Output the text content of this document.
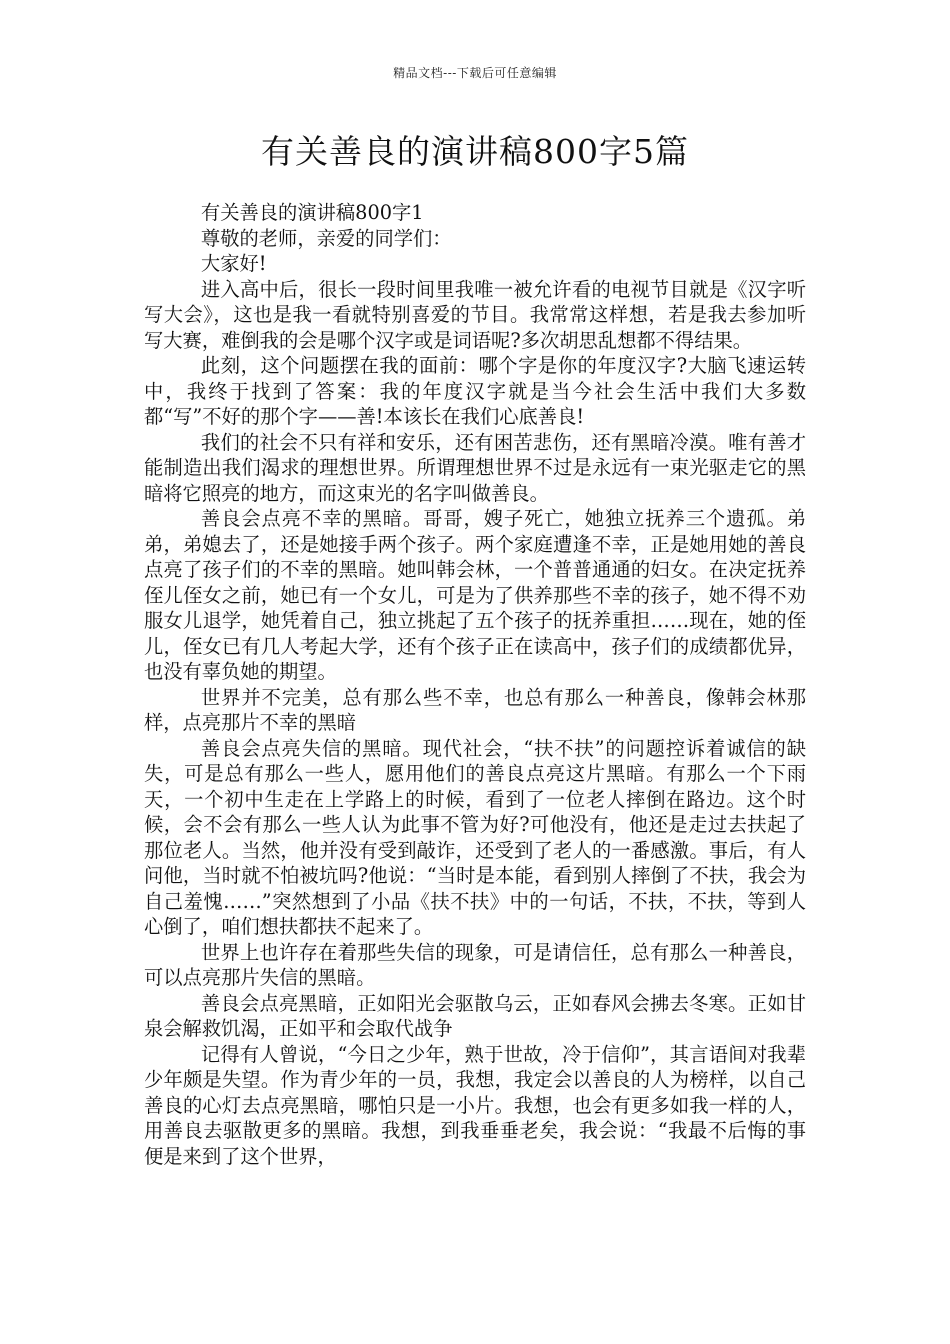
精品文档---下载后可任意编辑
有关善良的演讲稿800字5篇

有关善良的演讲稿800字1

尊敬的老师，亲爱的同学们：

大家好!

进入高中后，很长一段时间里我唯一被允许看的电视节目就是《汉字听写大会》，这也是我一看就特别喜爱的节目。我常常这样想，若是我去参加听写大赛，难倒我的会是哪个汉字或是词语呢?多次胡思乱想都不得结果。

此刻，这个问题摆在我的面前：哪个字是你的年度汉字?大脑飞速运转中，我终于找到了答案：我的年度汉字就是当今社会生活中我们大多数都“写”不好的那个字——善!本该长在我们心底善良!

我们的社会不只有祥和安乐，还有困苦悲伤，还有黑暗冷漠。唯有善才能制造出我们渴求的理想世界。所谓理想世界不过是永远有一束光驱走它的黑暗将它照亮的地方，而这束光的名字叫做善良。

善良会点亮不幸的黑暗。哥哥，嫂子死亡，她独立抚养三个遗孤。弟弟，弟媳去了，还是她接手两个孩子。两个家庭遭逢不幸，正是她用她的善良点亮了孩子们的不幸的黑暗。她叫韩会林，一个普普通通的妇女。在决定抚养侄儿侄女之前，她已有一个女儿，可是为了供养那些不幸的孩子，她不得不劝服女儿退学，她凭着自己，独立挑起了五个孩子的抚养重担……现在，她的侄儿，侄女已有几人考起大学，还有个孩子正在读高中，孩子们的成绩都优异，也没有辜负她的期望。

世界并不完美，总有那么些不幸，也总有那么一种善良，像韩会林那样，点亮那片不幸的黑暗

善良会点亮失信的黑暗。现代社会，“扶不扶”的问题控诉着诚信的缺失，可是总有那么一些人，愿用他们的善良点亮这片黑暗。有那么一个下雨天，一个初中生走在上学路上的时候，看到了一位老人摔倒在路边。这个时候，会不会有那么一些人认为此事不管为好?可他没有，他还是走过去扶起了那位老人。当然，他并没有受到敲诈，还受到了老人的一番感激。事后，有人问他，当时就不怕被坑吗?他说：“当时是本能，看到别人摔倒了不扶，我会为自己羞愧……”突然想到了小品《扶不扶》中的一句话，不扶，不扶，等到人心倒了，咱们想扶都扶不起来了。

世界上也许存在着那些失信的现象，可是请信任，总有那么一种善良，可以点亮那片失信的黑暗。

善良会点亮黑暗，正如阳光会驱散乌云，正如春风会拂去冬寒。正如甘泉会解救饥渴，正如平和会取代战争

记得有人曾说，“今日之少年，熟于世故，冷于信仰”，其言语间对我辈少年颇是失望。作为青少年的一员，我想，我定会以善良的人为榜样，以自己善良的心灯去点亮黑暗，哪怕只是一小片。我想，也会有更多如我一样的人，用善良去驱散更多的黑暗。我想，到我垂垂老矣，我会说：“我最不后悔的事便是来到了这个世界，
